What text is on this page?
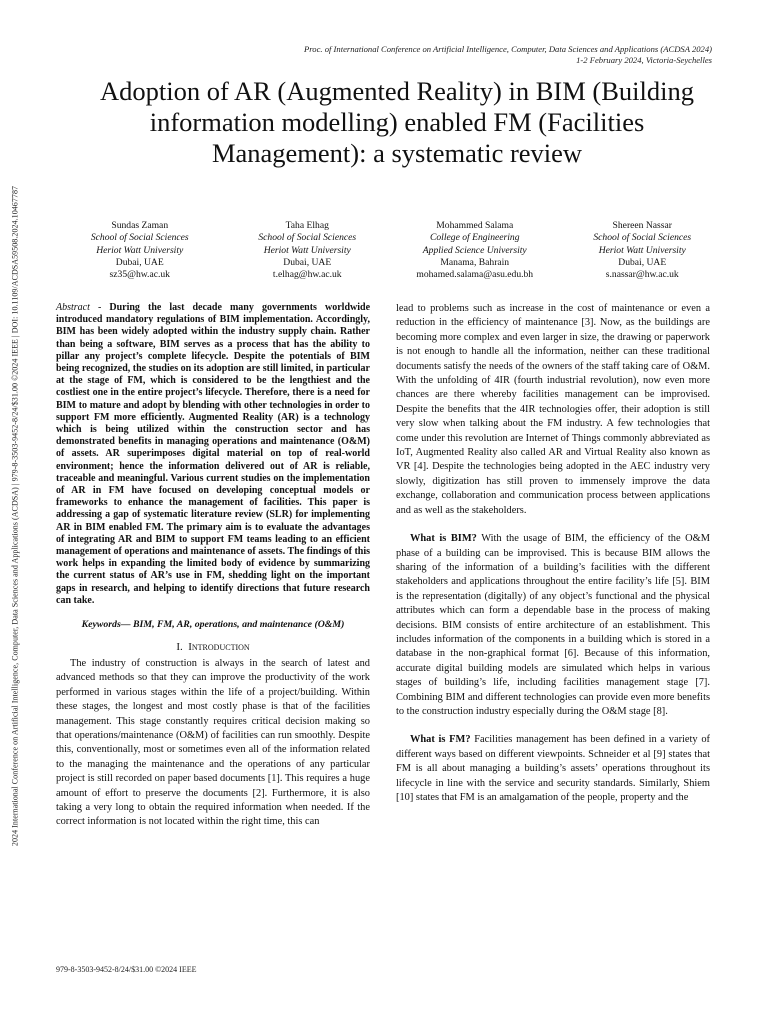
2024 International Conference on Artificial Intelligence, Computer, Data Sciences and Applications (ACDSA) | 979-8-3503-9452-8/24/$31.00 ©2024 IEEE | DOI: 10.1109/ACDSA59508.2024.10467787
Proc. of International Conference on Artificial Intelligence, Computer, Data Sciences and Applications (ACDSA 2024)
1-2 February 2024, Victoria-Seychelles
Adoption of AR (Augmented Reality) in BIM (Building information modelling) enabled FM (Facilities Management): a systematic review
Sundas Zaman
School of Social Sciences
Heriot Watt University
Dubai, UAE
sz35@hw.ac.uk
Taha Elhag
School of Social Sciences
Heriot Watt University
Dubai, UAE
t.elhag@hw.ac.uk
Mohammed Salama
College of Engineering
Applied Science University
Manama, Bahrain
mohamed.salama@asu.edu.bh
Shereen Nassar
School of Social Sciences
Heriot Watt University
Dubai, UAE
s.nassar@hw.ac.uk

Abstract - During the last decade many governments worldwide introduced mandatory regulations of BIM implementation. Accordingly, BIM has been widely adopted within the industry supply chain. Rather than being a software, BIM serves as a process that has the ability to pillar any project’s complete lifecycle. Despite the potentials of BIM being recognized, the studies on its adoption are still limited, in particular at the stage of FM, which is considered to be the lengthiest and the costliest one in the entire project’s lifecycle. Therefore, there is a need for BIM to mature and adopt by blending with other technologies in order to support FM more efficiently. Augmented Reality (AR) is a technology which is being utilized within the construction sector and has demonstrated benefits in managing operations and maintenance (O&M) of assets. AR superimposes digital material on top of real-world environment; hence the information delivered out of AR is reliable, traceable and meaningful. Various current studies on the implementation of AR in FM have focused on developing conceptual models or frameworks to enhance the management of facilities. This paper is addressing a gap of systematic literature review (SLR) for implementing AR in BIM enabled FM. The primary aim is to evaluate the advantages of integrating AR and BIM to support FM teams leading to an efficient management of operations and maintenance of assets. The findings of this work helps in expanding the limited body of evidence by summarizing the current status of AR’s use in FM, shedding light on the important gaps in research, and helping to identify directions that future research can take.

Keywords— BIM, FM, AR, operations, and maintenance (O&M)

I. Introduction

The industry of construction is always in the search of latest and advanced methods so that they can improve the productivity of the work performed in various stages within the life of a project/building. Within these stages, the longest and most costly phase is that of the facilities management. This stage constantly requires critical decision making so that operations/maintenance (O&M) of facilities can run smoothly. Despite this, conventionally, most or sometimes even all of the information related to the managing the maintenance and the operations of any particular project is still recorded on paper based documents [1]. This requires a huge amount of effort to preserve the documents [2]. Furthermore, it is also taking a very long to obtain the required information when needed. If the correct information is not located within the right time, this can

lead to problems such as increase in the cost of maintenance or even a reduction in the efficiency of maintenance [3]. Now, as the buildings are becoming more complex and even larger in size, the drawing or paperwork is not enough to handle all the information, neither can these traditional documents satisfy the needs of the owners of the staff taking care of O&M. With the unfolding of 4IR (fourth industrial revolution), now even more chances are there whereby facilities management can be improvised. Despite the benefits that the 4IR technologies offer, their adoption is still very slow when talking about the FM industry. A few technologies that come under this revolution are Internet of Things commonly abbreviated as IoT, Augmented Reality also called AR and Virtual Reality also known as VR [4]. Despite the technologies being adopted in the AEC industry very slowly, digitization has still proven to immensely improve the data exchange, collaboration and communication process between applications and as well as the stakeholders.

What is BIM? With the usage of BIM, the efficiency of the O&M phase of a building can be improvised. This is because BIM allows the sharing of the information of a building’s facilities with the different stakeholders and applications throughout the entire facility’s life [5]. BIM is the representation (digitally) of any object’s functional and the physical attributes which can form a dependable base in the process of making decisions. BIM consists of entire architecture of an establishment. This includes information of the components in a building which is stored in a database in the non-graphical format [6]. Because of this information, accurate digital building models are simulated which helps in various stages of building’s life, including facilities management stage [7]. Combining BIM and different technologies can provide even more benefits to the construction industry especially during the O&M stage [8].

What is FM? Facilities management has been defined in a variety of different ways based on different viewpoints. Schneider et al [9] states that FM is all about managing a building’s assets’ operations throughout its lifecycle in line with the service and security standards. Similarly, Shiem [10] states that FM is an amalgamation of the people, property and the

979-8-3503-9452-8/24/$31.00 ©2024 IEEE
